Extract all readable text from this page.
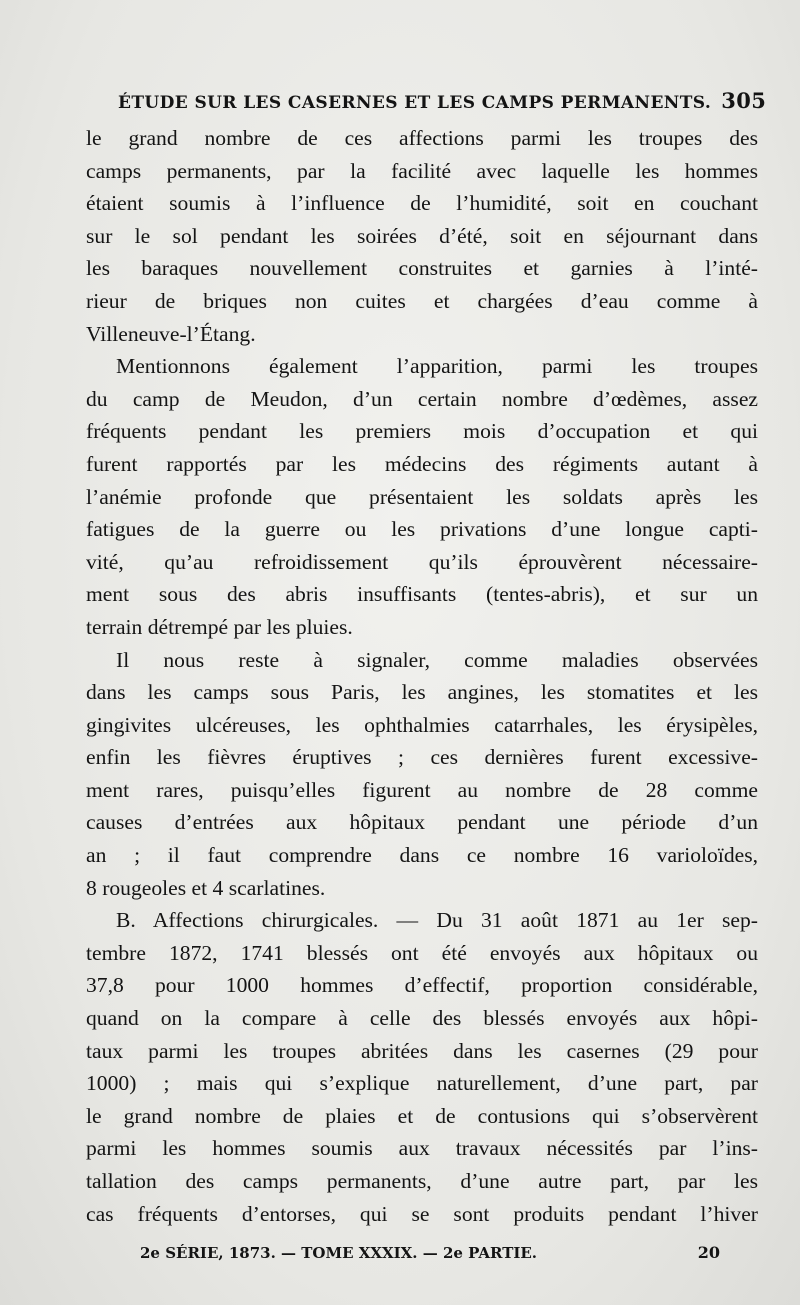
ÉTUDE SUR LES CASERNES ET LES CAMPS PERMANENTS. 305
le grand nombre de ces affections parmi les troupes des
camps permanents, par la facilité avec laquelle les hommes
étaient soumis à l’influence de l’humidité, soit en couchant
sur le sol pendant les soirées d’été, soit en séjournant dans
les baraques nouvellement construites et garnies à l’inté-
rieur de briques non cuites et chargées d’eau comme à
Villeneuve-l’Étang.
Mentionnons également l’apparition, parmi les troupes
du camp de Meudon, d’un certain nombre d’œdèmes, assez
fréquents pendant les premiers mois d’occupation et qui
furent rapportés par les médecins des régiments autant à
l’anémie profonde que présentaient les soldats après les
fatigues de la guerre ou les privations d’une longue capti-
vité, qu’au refroidissement qu’ils éprouvèrent nécessaire-
ment sous des abris insuffisants (tentes-abris), et sur un
terrain détrempé par les pluies.
Il nous reste à signaler, comme maladies observées
dans les camps sous Paris, les angines, les stomatites et les
gingivites ulcéreuses, les ophthalmies catarrhales, les érysipèles,
enfin les fièvres éruptives ; ces dernières furent excessive-
ment rares, puisqu’elles figurent au nombre de 28 comme
causes d’entrées aux hôpitaux pendant une période d’un
an ; il faut comprendre dans ce nombre 16 varioloïdes,
8 rougeoles et 4 scarlatines.
B. Affections chirurgicales. — Du 31 août 1871 au 1er sep-
tembre 1872, 1741 blessés ont été envoyés aux hôpitaux ou
37,8 pour 1000 hommes d’effectif, proportion considérable,
quand on la compare à celle des blessés envoyés aux hôpi-
taux parmi les troupes abritées dans les casernes (29 pour
1000) ; mais qui s’explique naturellement, d’une part, par
le grand nombre de plaies et de contusions qui s’observèrent
parmi les hommes soumis aux travaux nécessités par l’ins-
tallation des camps permanents, d’une autre part, par les
cas fréquents d’entorses, qui se sont produits pendant l’hiver
2e SÉRIE, 1873. — TOME XXXIX. — 2e PARTIE.	20
